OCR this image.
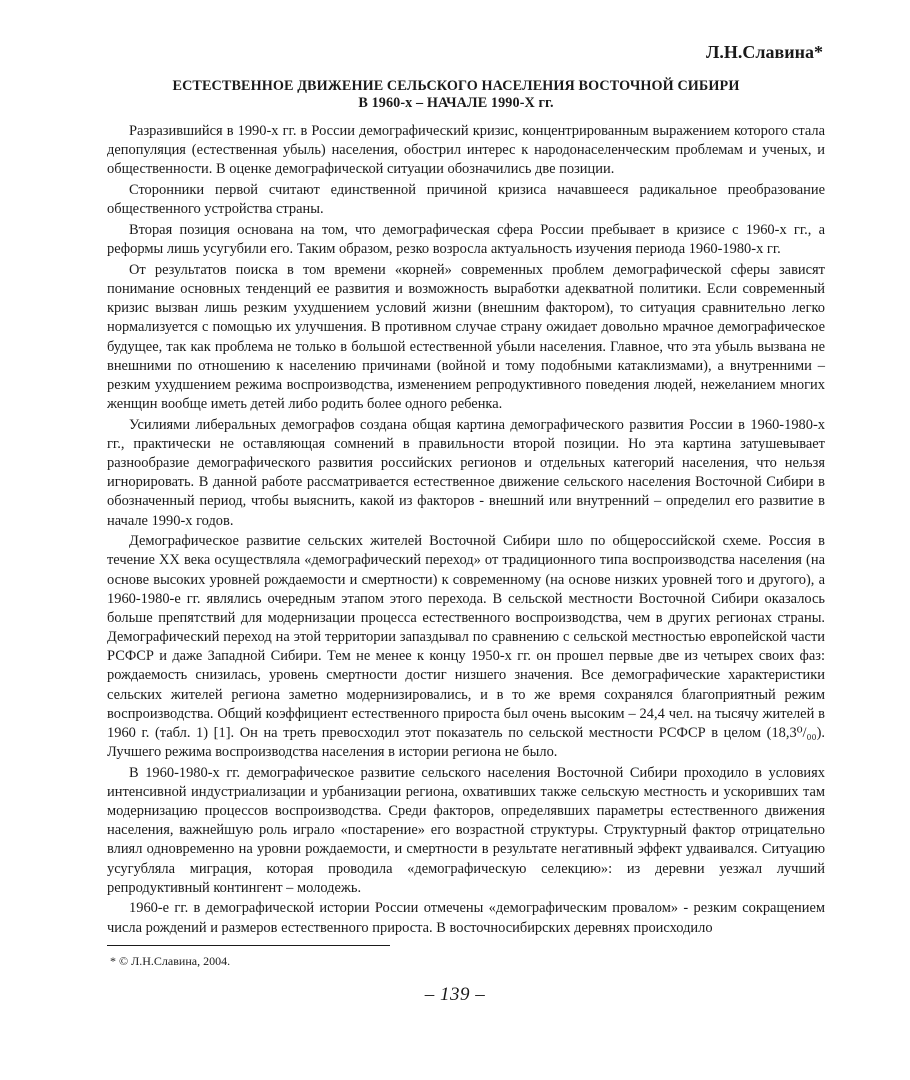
Л.Н.Славина*
ЕСТЕСТВЕННОЕ ДВИЖЕНИЕ СЕЛЬСКОГО НАСЕЛЕНИЯ ВОСТОЧНОЙ СИБИРИ
В 1960-х – НАЧАЛЕ 1990-Х гг.

Разразившийся в 1990-х гг. в России демографический кризис, концентрированным выражением которого стала депопуляция (естественная убыль) населения, обострил интерес к народонаселенческим проблемам и ученых, и общественности. В оценке демографической ситуации обозначились две позиции.

Сторонники первой считают единственной причиной кризиса начавшееся радикальное преобразование общественного устройства страны.

Вторая позиция основана на том, что демографическая сфера России пребывает в кризисе с 1960-х гг., а реформы лишь усугубили его. Таким образом, резко возросла актуальность изучения периода 1960-1980-х гг.

От результатов поиска в том времени «корней» современных проблем демографической сферы зависят понимание основных тенденций ее развития и возможность выработки адекватной политики. Если современный кризис вызван лишь резким ухудшением условий жизни (внешним фактором), то ситуация сравнительно легко нормализуется с помощью их улучшения. В противном случае страну ожидает довольно мрачное демографическое будущее, так как проблема не только в большой естественной убыли населения. Главное, что эта убыль вызвана не внешними по отношению к населению причинами (войной и тому подобными катаклизмами), а внутренними – резким ухудшением режима воспроизводства, изменением репродуктивного поведения людей, нежеланием многих женщин вообще иметь детей либо родить более одного ребенка.

Усилиями либеральных демографов создана общая картина демографического развития России в 1960-1980-х гг., практически не оставляющая сомнений в правильности второй позиции. Но эта картина затушевывает разнообразие демографического развития российских регионов и отдельных категорий населения, что нельзя игнорировать. В данной работе рассматривается естественное движение сельского населения Восточной Сибири в обозначенный период, чтобы выяснить, какой из факторов - внешний или внутренний – определил его развитие в начале 1990-х годов.

Демографическое развитие сельских жителей Восточной Сибири шло по общероссийской схеме. Россия в течение XX века осуществляла «демографический переход» от традиционного типа воспроизводства населения (на основе высоких уровней рождаемости и смертности) к современному (на основе низких уровней того и другого), а 1960-1980-е гг. являлись очередным этапом этого перехода. В сельской местности Восточной Сибири оказалось больше препятствий для модернизации процесса естественного воспроизводства, чем в других регионах страны. Демографический переход на этой территории запаздывал по сравнению с сельской местностью европейской части РСФСР и даже Западной Сибири. Тем не менее к концу 1950-х гг. он прошел первые две из четырех своих фаз: рождаемость снизилась, уровень смертности достиг низшего значения. Все демографические характеристики сельских жителей региона заметно модернизировались, и в то же время сохранялся благоприятный режим воспроизводства. Общий коэффициент естественного прироста был очень высоким – 24,4 чел. на тысячу жителей в 1960 г. (табл. 1) [1]. Он на треть превосходил этот показатель по сельской местности РСФСР в целом (18,3⁰/₀₀). Лучшего режима воспроизводства населения в истории региона не было.

В 1960-1980-х гг. демографическое развитие сельского населения Восточной Сибири проходило в условиях интенсивной индустриализации и урбанизации региона, охвативших также сельскую местность и ускоривших там модернизацию процессов воспроизводства. Среди факторов, определявших параметры естественного движения населения, важнейшую роль играло «постарение» его возрастной структуры. Структурный фактор отрицательно влиял одновременно на уровни рождаемости, и смертности в результате негативный эффект удваивался. Ситуацию усугубляла миграция, которая проводила «демографическую селекцию»: из деревни уезжал лучший репродуктивный контингент – молодежь.

1960-е гг. в демографической истории России отмечены «демографическим провалом» - резким сокращением числа рождений и размеров естественного прироста. В восточносибирских деревнях происходило

* © Л.Н.Славина, 2004.
– 139 –
